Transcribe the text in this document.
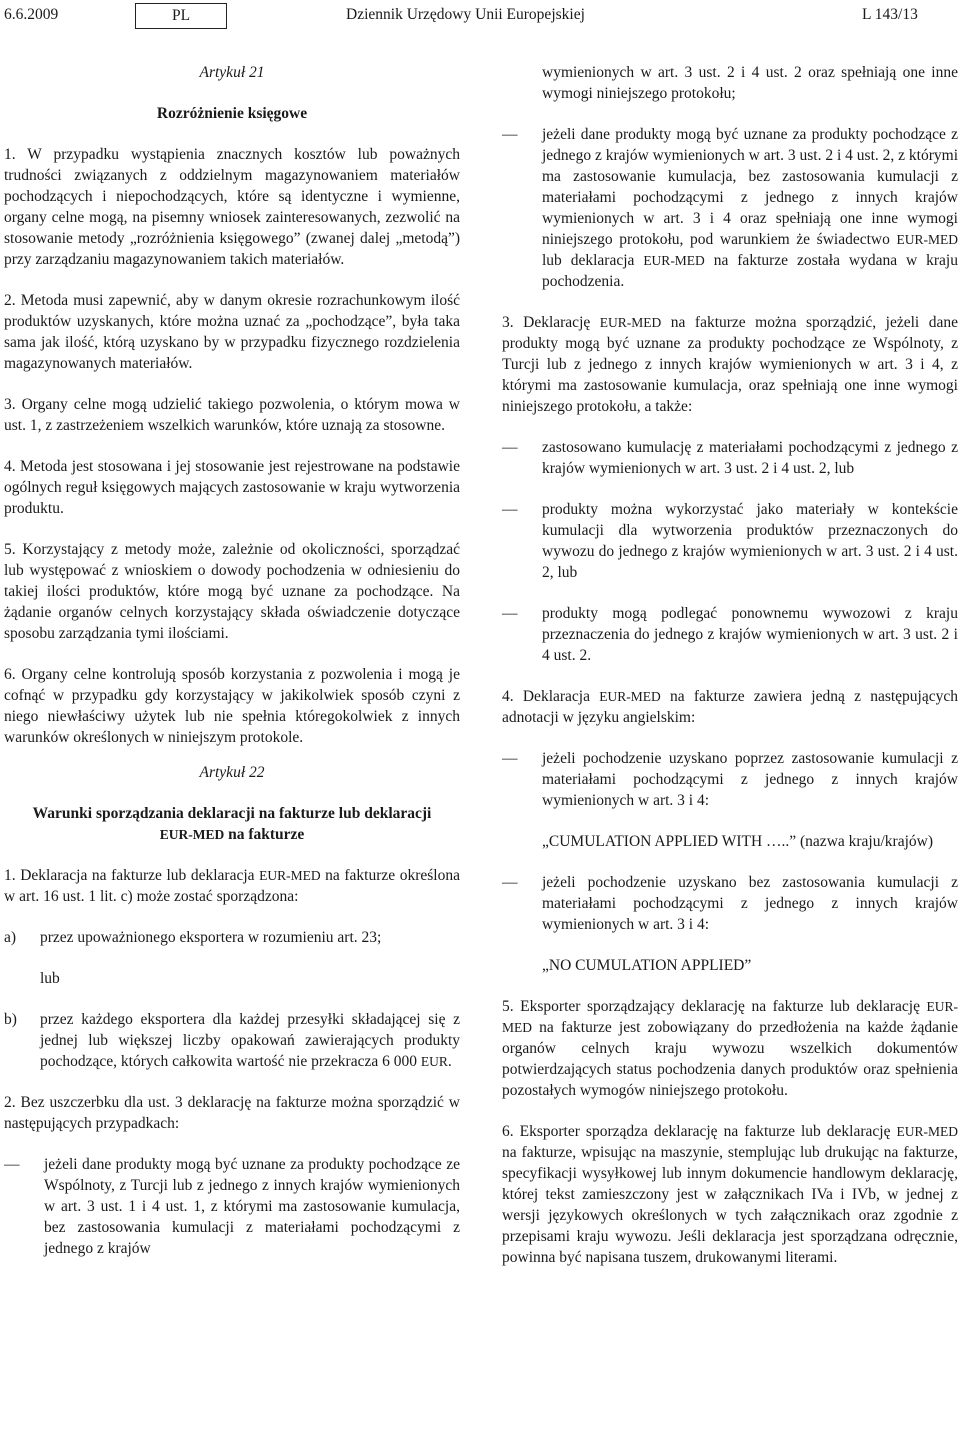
6.6.2009	PL	Dziennik Urzędowy Unii Europejskiej	L 143/13
Artykuł 21
Rozróżnienie księgowe

1. W przypadku wystąpienia znacznych kosztów lub poważnych trudności związanych z oddzielnym magazynowaniem materiałów pochodzących i niepochodzących, które są identyczne i wymienne, organy celne mogą, na pisemny wniosek zainteresowanych, zezwolić na stosowanie metody „rozróżnienia księgowego” (zwanej dalej „metodą”) przy zarządzaniu magazynowaniem takich materiałów.

2. Metoda musi zapewnić, aby w danym okresie rozrachunkowym ilość produktów uzyskanych, które można uznać za „pochodzące”, była taka sama jak ilość, którą uzyskano by w przypadku fizycznego rozdzielenia magazynowanych materiałów.

3. Organy celne mogą udzielić takiego pozwolenia, o którym mowa w ust. 1, z zastrzeżeniem wszelkich warunków, które uznają za stosowne.

4. Metoda jest stosowana i jej stosowanie jest rejestrowane na podstawie ogólnych reguł księgowych mających zastosowanie w kraju wytworzenia produktu.

5. Korzystający z metody może, zależnie od okoliczności, sporządzać lub występować z wnioskiem o dowody pochodzenia w odniesieniu do takiej ilości produktów, które mogą być uznane za pochodzące. Na żądanie organów celnych korzystający składa oświadczenie dotyczące sposobu zarządzania tymi ilościami.

6. Organy celne kontrolują sposób korzystania z pozwolenia i mogą je cofnąć w przypadku gdy korzystający w jakikolwiek sposób czyni z niego niewłaściwy użytek lub nie spełnia któregokolwiek z innych warunków określonych w niniejszym protokole.

Artykuł 22
Warunki sporządzania deklaracji na fakturze lub deklaracji
EUR-MED na fakturze

1. Deklaracja na fakturze lub deklaracja EUR-MED na fakturze określona w art. 16 ust. 1 lit. c) może zostać sporządzona:

a) przez upoważnionego eksportera w rozumieniu art. 23;
lub
b) przez każdego eksportera dla każdej przesyłki składającej się z jednej lub większej liczby opakowań zawierających produkty pochodzące, których całkowita wartość nie przekracza 6 000 EUR.

2. Bez uszczerbku dla ust. 3 deklarację na fakturze można sporządzić w następujących przypadkach:

— jeżeli dane produkty mogą być uznane za produkty pochodzące ze Wspólnoty, z Turcji lub z jednego z innych krajów wymienionych w art. 3 ust. 1 i 4 ust. 1, z którymi ma zastosowanie kumulacja, bez zastosowania kumulacji z materiałami pochodzącymi z jednego z krajów

wymienionych w art. 3 ust. 2 i 4 ust. 2 oraz spełniają one inne wymogi niniejszego protokołu;

— jeżeli dane produkty mogą być uznane za produkty pochodzące z jednego z krajów wymienionych w art. 3 ust. 2 i 4 ust. 2, z którymi ma zastosowanie kumulacja, bez zastosowania kumulacji z materiałami pochodzącymi z jednego z innych krajów wymienionych w art. 3 i 4 oraz spełniają one inne wymogi niniejszego protokołu, pod warunkiem że świadectwo EUR-MED lub deklaracja EUR-MED na fakturze została wydana w kraju pochodzenia.

3. Deklarację EUR-MED na fakturze można sporządzić, jeżeli dane produkty mogą być uznane za produkty pochodzące ze Wspólnoty, z Turcji lub z jednego z innych krajów wymienionych w art. 3 i 4, z którymi ma zastosowanie kumulacja, oraz spełniają one inne wymogi niniejszego protokołu, a także:

— zastosowano kumulację z materiałami pochodzącymi z jednego z krajów wymienionych w art. 3 ust. 2 i 4 ust. 2, lub
— produkty można wykorzystać jako materiały w kontekście kumulacji dla wytworzenia produktów przeznaczonych do wywozu do jednego z krajów wymienionych w art. 3 ust. 2 i 4 ust. 2, lub
— produkty mogą podlegać ponownemu wywozowi z kraju przeznaczenia do jednego z krajów wymienionych w art. 3 ust. 2 i 4 ust. 2.

4. Deklaracja EUR-MED na fakturze zawiera jedną z następujących adnotacji w języku angielskim:

— jeżeli pochodzenie uzyskano poprzez zastosowanie kumulacji z materiałami pochodzącymi z jednego z innych krajów wymienionych w art. 3 i 4:
„CUMULATION APPLIED WITH …..” (nazwa kraju/krajów)
— jeżeli pochodzenie uzyskano bez zastosowania kumulacji z materiałami pochodzącymi z jednego z innych krajów wymienionych w art. 3 i 4:
„NO CUMULATION APPLIED”

5. Eksporter sporządzający deklarację na fakturze lub deklarację EUR-MED na fakturze jest zobowiązany do przedłożenia na każde żądanie organów celnych kraju wywozu wszelkich dokumentów potwierdzających status pochodzenia danych produktów oraz spełnienia pozostałych wymogów niniejszego protokołu.

6. Eksporter sporządza deklarację na fakturze lub deklarację EUR-MED na fakturze, wpisując na maszynie, stemplując lub drukując na fakturze, specyfikacji wysyłkowej lub innym dokumencie handlowym deklarację, której tekst zamieszczony jest w załącznikach IVa i IVb, w jednej z wersji językowych określonych w tych załącznikach oraz zgodnie z przepisami kraju wywozu. Jeśli deklaracja jest sporządzana odręcznie, powinna być napisana tuszem, drukowanymi literami.
